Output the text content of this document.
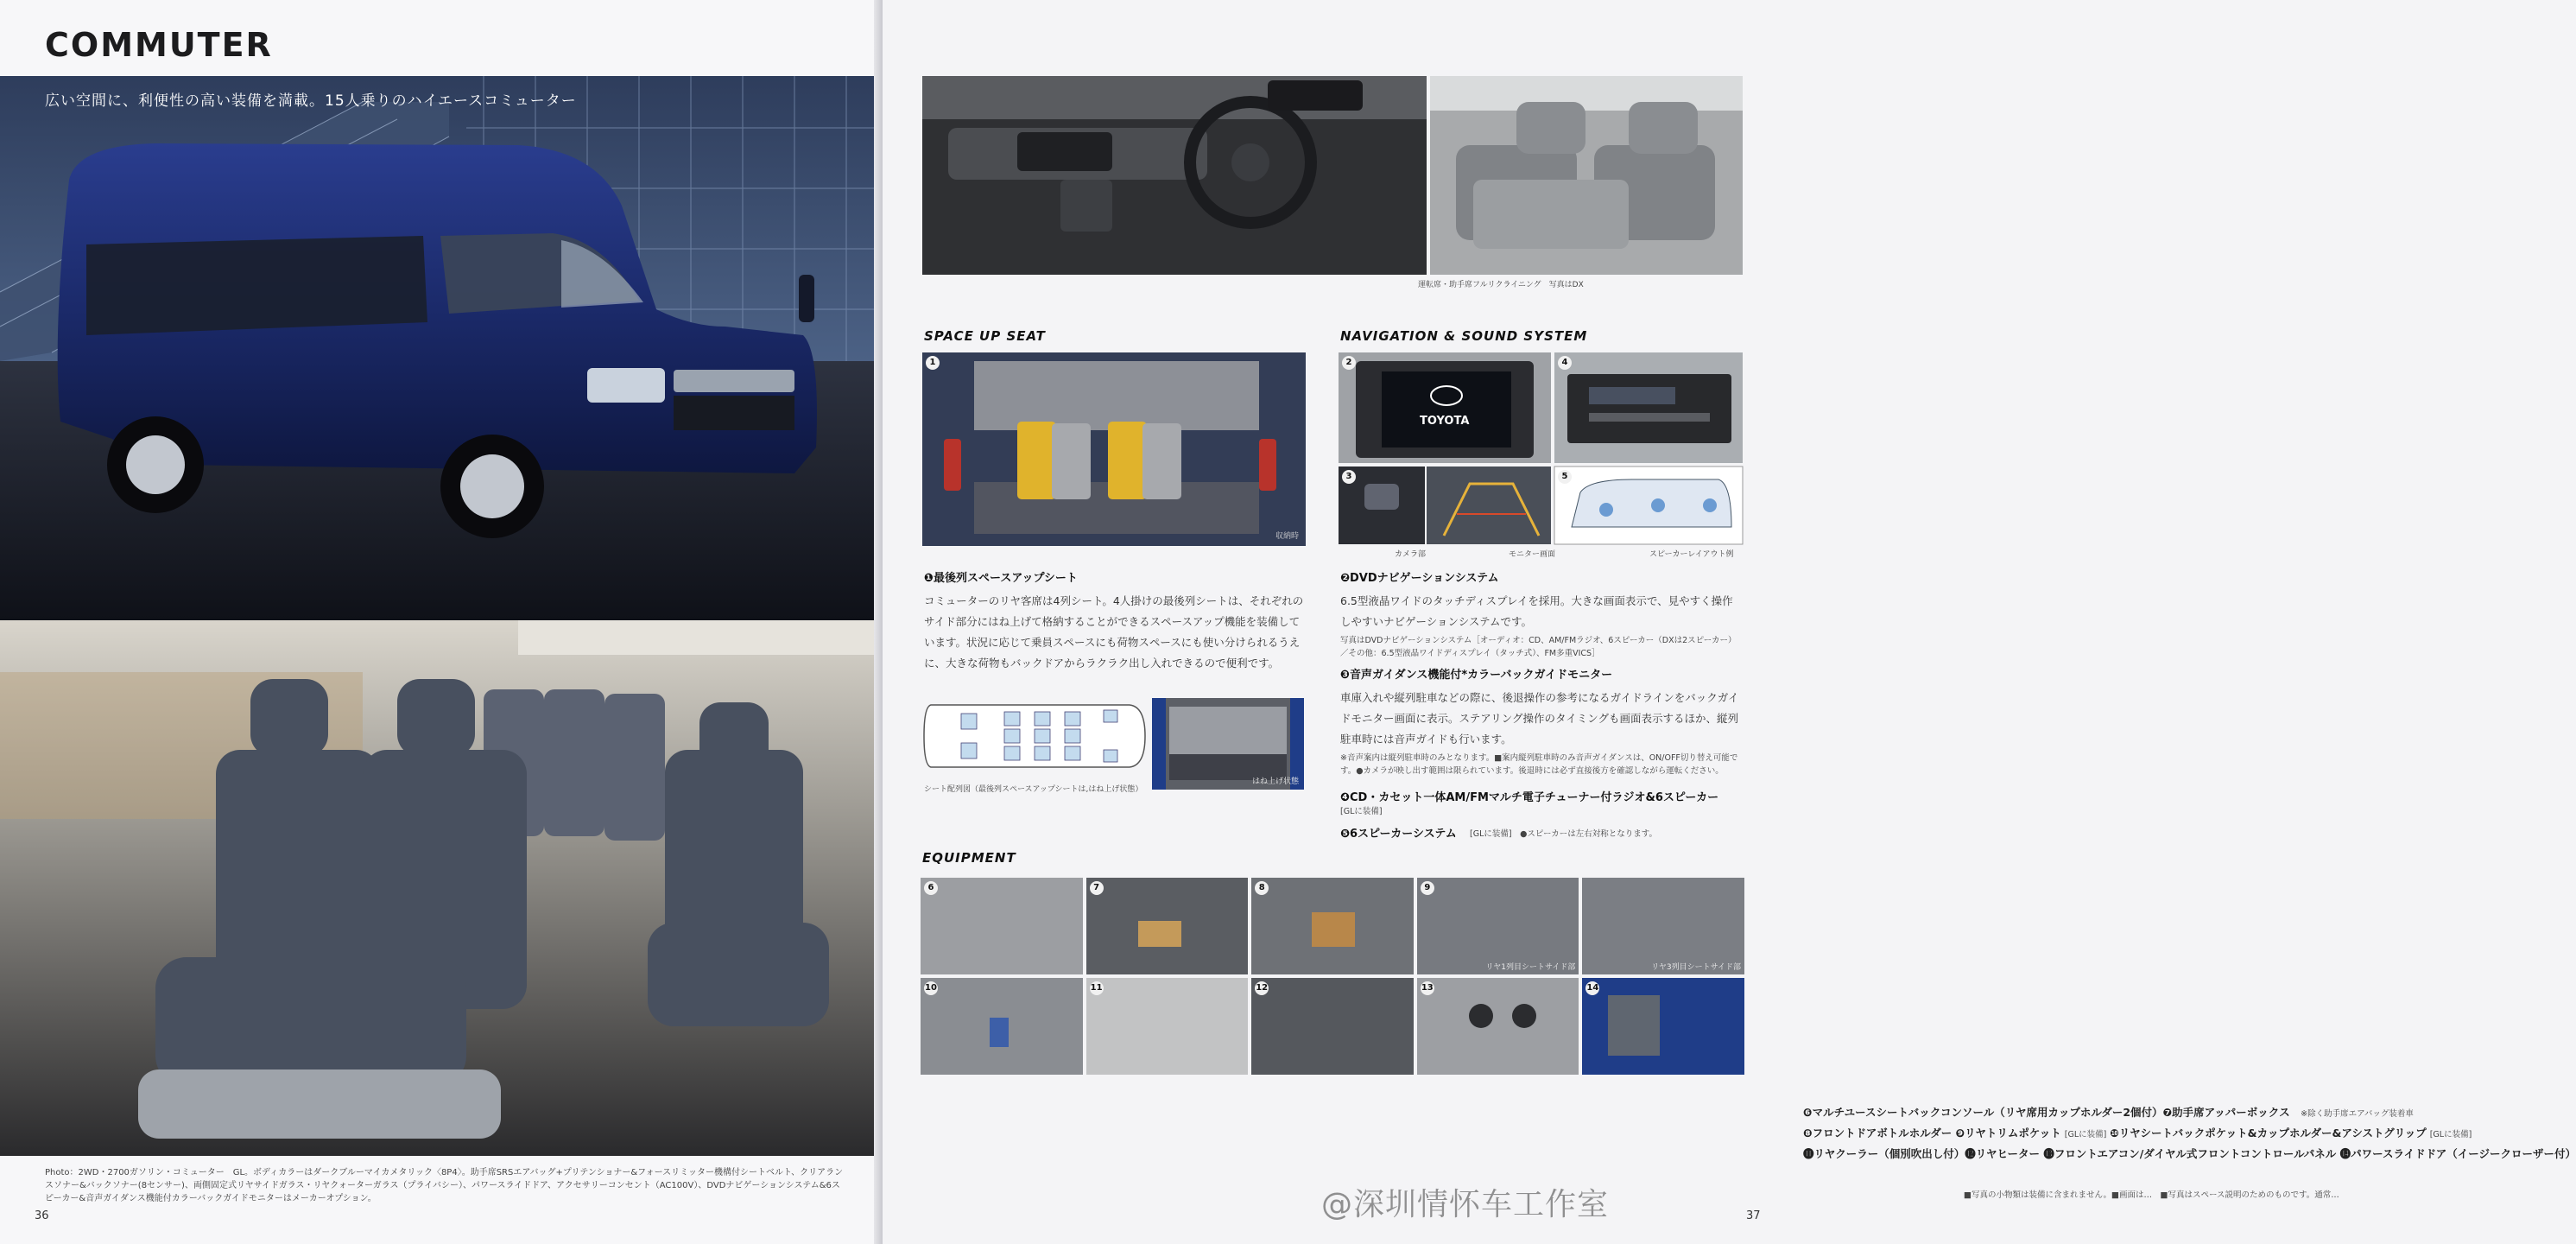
COMMUTER
広い空間に、利便性の高い装備を満載。15人乗りのハイエースコミューター
Photo：2WD・2700ガソリン・コミューター　GL。ボディカラーはダークブルーマイカメタリック〈8P4〉。助手席SRSエアバッグ+プリテンショナー&フォースリミッター機構付シートベルト、クリアランスソナー&バックソナー(8センサー)、両側固定式リヤサイドガラス・リヤクォーターガラス（プライバシー）、パワースライドドア、アクセサリーコンセント（AC100V）、DVDナビゲーションシステム&6スピーカー&音声ガイダンス機能付カラーバックガイドモニターはメーカーオプション。
36
運転席・助手席フルリクライニング　写真はDX
SPACE UP SEAT
1
収納時
❶最後列スペースアップシート
コミューターのリヤ客席は4列シート。4人掛けの最後列シートは、それぞれのサイド部分にはね上げて格納することができるスペースアップ機能を装備しています。状況に応じて乗員スペースにも荷物スペースにも使い分けられるうえに、大きな荷物もバックドアからラクラク出し入れできるので便利です。
シート配列図（最後列スペースアップシートは,はね上げ状態）
はね上げ状態
NAVIGATION & SOUND SYSTEM
2
TOYOTA
4
3	5
カメラ部	モニター画面	スピーカーレイアウト例
❷DVDナビゲーションシステム
6.5型液晶ワイドのタッチディスプレイを採用。大きな画面表示で、見やすく操作しやすいナビゲーションシステムです。
写真はDVDナビゲーションシステム［オーディオ：CD、AM/FMラジオ、6スピーカー（DXは2スピーカー）／その他：6.5型液晶ワイドディスプレイ（タッチ式）、FM多重VICS］
❸音声ガイダンス機能付*カラーバックガイドモニター
車庫入れや縦列駐車などの際に、後退操作の参考になるガイドラインをバックガイドモニター画面に表示。ステアリング操作のタイミングも画面表示するほか、縦列駐車時には音声ガイドも行います。
※音声案内は縦列駐車時のみとなります。■案内縦列駐車時のみ音声ガイダンスは、ON/OFF切り替え可能です。●カメラが映し出す範囲は限られています。後退時には必ず直接後方を確認しながら運転ください。
❹CD・カセット一体AM/FMマルチ電子チューナー付ラジオ&6スピーカー
[GLに装備]
❺6スピーカーシステム [GLに装備]　●スピーカーは左右対称となります。
EQUIPMENT
6	7	8	9
リヤ1列目シートサイド部	リヤ3列目シートサイド部
10	11	12	13	14
❻マルチユースシートバックコンソール（リヤ席用カップホルダー2個付）❼助手席アッパーボックス　 ※除く助手席エアバッグ装着車
❽フロントドアボトルホルダー ❾リヤトリムポケット [GLに装備] ❿リヤシートバックポケット&カップホルダー&アシストグリップ [GLに装備]
⓫リヤクーラー（個別吹出し付）⓬リヤヒーター ⓭フロントエアコン/ダイヤル式フロントコントロールパネル ⓮パワースライドドア（イージークローザー付）
■写真の小物類は装備に含まれません。■画面は…　■写真はスペース説明のためのものです。通常…
37
@深圳情怀车工作室
